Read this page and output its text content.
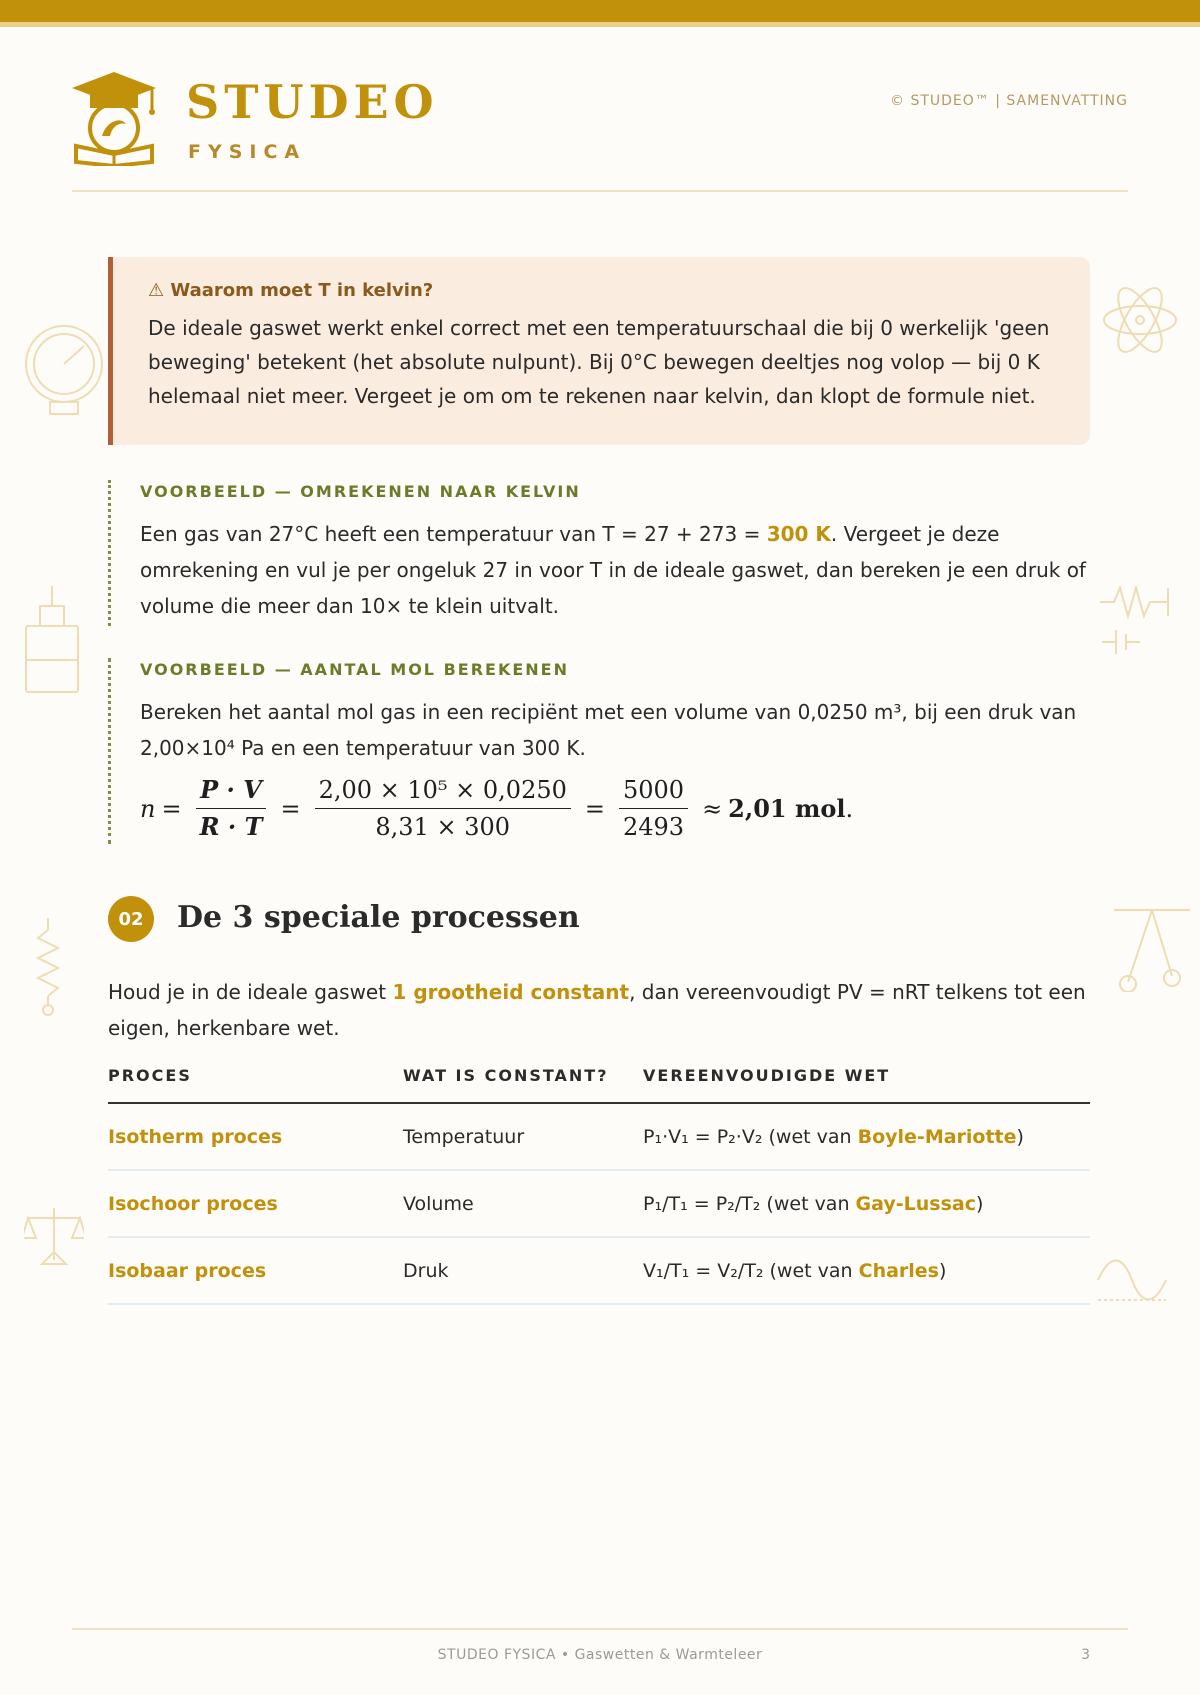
STUDEO
FYSICA
© STUDEO™ | SAMENVATTING
⚠ Waarom moet T in kelvin?
De ideale gaswet werkt enkel correct met een temperatuurschaal die bij 0 werkelijk 'geen beweging' betekent (het absolute nulpunt). Bij 0°C bewegen deeltjes nog volop — bij 0 K helemaal niet meer. Vergeet je om om te rekenen naar kelvin, dan klopt de formule niet.
VOORBEELD — OMREKENEN NAAR KELVIN
Een gas van 27°C heeft een temperatuur van T = 27 + 273 = 300 K. Vergeet je deze omrekening en vul je per ongeluk 27 in voor T in de ideale gaswet, dan bereken je een druk of volume die meer dan 10× te klein uitvalt.
VOORBEELD — AANTAL MOL BEREKENEN
Bereken het aantal mol gas in een recipiënt met een volume van 0,0250 m³, bij een druk van 2,00×10⁴ Pa en een temperatuur van 300 K.
$n = \frac{P \cdot V}{R \cdot T} = \frac{\text{2,00 × 10⁵ × 0,0250}}{8,31 \times 300} = \frac{5000}{2493} \approx 2,01$ mol .
02	De 3 speciale processen
Houd je in de ideale gaswet 1 grootheid constant, dan vereenvoudigt PV = nRT telkens tot een eigen, herkenbare wet.
PROCES	WAT IS CONSTANT?	VEREENVOUDIGDE WET
Isotherm proces	Temperatuur	P₁·V₁ = P₂·V₂ (wet van Boyle-Mariotte)
Isochoor proces	Volume	P₁/T₁ = P₂/T₂ (wet van Gay-Lussac)
Isobaar proces	Druk	V₁/T₁ = V₂/T₂ (wet van Charles)
STUDEO FYSICA • Gaswetten & Warmteleer	3
